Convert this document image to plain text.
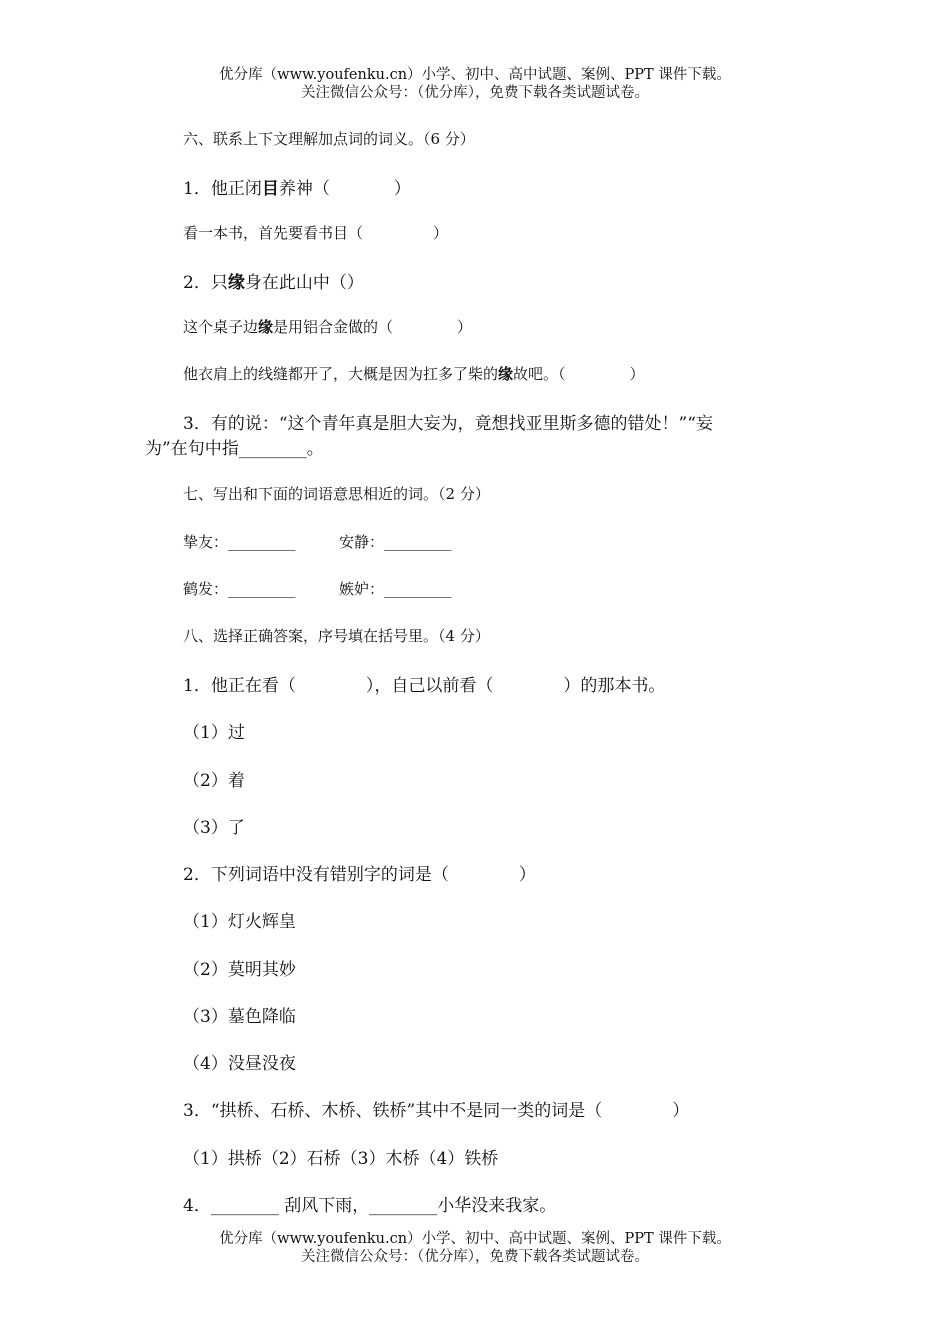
优分库（www.youfenku.cn）小学、初中、高中试题、案例、PPT 课件下载。
关注微信公众号：（优分库），免费下载各类试题试卷。
六、联系上下文理解加点词的词义。（6 分）
1．他正闭目养神（	）
看一本书，首先要看书目（	）
2．只缘身在此山中（）
这个桌子边缘是用铝合金做的（	）
他衣肩上的线缝都开了，大概是因为扛多了柴的缘故吧。（	）
3．有的说：“这个青年真是胆大妄为，竟想找亚里斯多德的错处！”“妄
为”在句中指________。
七、写出和下面的词语意思相近的词。（2 分）
挚友：_________	安静：_________
鹤发：_________	嫉妒：_________
八、选择正确答案，序号填在括号里。（4 分）
1．他正在看（	），自己以前看（	）的那本书。
（1）过
（2）着
（3）了
2．下列词语中没有错别字的词是（	）
（1）灯火辉皇
（2）莫明其妙
（3）墓色降临
（4）没昼没夜
3．“拱桥、石桥、木桥、铁桥”其中不是同一类的词是（	）
（1）拱桥（2）石桥（3）木桥（4）铁桥
4．________ 刮风下雨，________小华没来我家。
优分库（www.youfenku.cn）小学、初中、高中试题、案例、PPT 课件下载。
关注微信公众号：（优分库），免费下载各类试题试卷。
